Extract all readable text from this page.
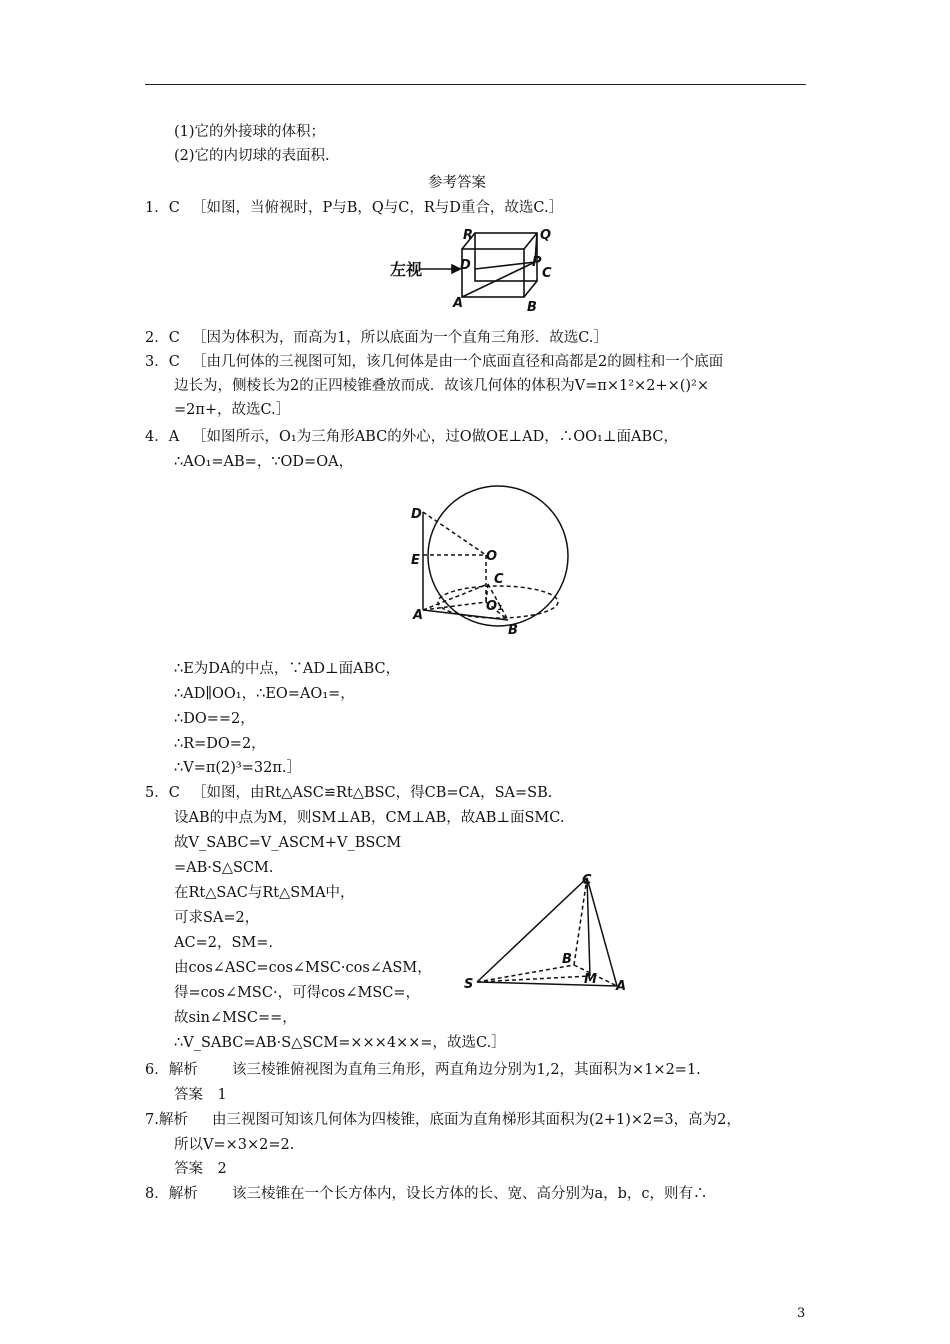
(1)它的外接球的体积；
(2)它的内切球的表面积.
参考答案
1．C ［如图，当俯视时，P与B，Q与C，R与D重合，故选C.］
左视
R	Q
D	P
C
A	B
2．C ［因为体积为，而高为1，所以底面为一个直角三角形．故选C.］
3．C ［由几何体的三视图可知，该几何体是由一个底面直径和高都是2的圆柱和一个底面
边长为，侧棱长为2的正四棱锥叠放而成．故该几何体的体积为V=π×1²×2+×()²×
=2π+，故选C.］
4．A ［如图所示，O₁为三角形ABC的外心，过O做OE⊥AD，∴OO₁⊥面ABC，
∴AO₁=AB=，∵OD=OA，
D
E	O
C
O₁
A
B
∴E为DA的中点，∵AD⊥面ABC，
∴AD∥OO₁，∴EO=AO₁=，
∴DO==2，
∴R=DO=2，
∴V=π(2)³=32π.］
5．C ［如图，由Rt△ASC≌Rt△BSC，得CB=CA，SA=SB.
设AB的中点为M，则SM⊥AB，CM⊥AB，故AB⊥面SMC.
故V_SABC=V_ASCM+V_BSCM
=AB·S△SCM.
在Rt△SAC与Rt△SMA中，
可求SA=2，
AC=2，SM=.
由cos∠ASC=cos∠MSC·cos∠ASM，
得=cos∠MSC·，可得cos∠MSC=，
故sin∠MSC==，
∴V_SABC=AB·S△SCM=×××4××=，故选C.］
C
B
M
S	A
6．解析 该三棱锥俯视图为直角三角形，两直角边分别为1,2，其面积为×1×2=1.
答案　1
7.解析 由三视图可知该几何体为四棱锥，底面为直角梯形其面积为(2+1)×2=3，高为2，
所以V=×3×2=2.
答案　2
8．解析 该三棱锥在一个长方体内，设长方体的长、宽、高分别为a，b，c，则有∴
3
